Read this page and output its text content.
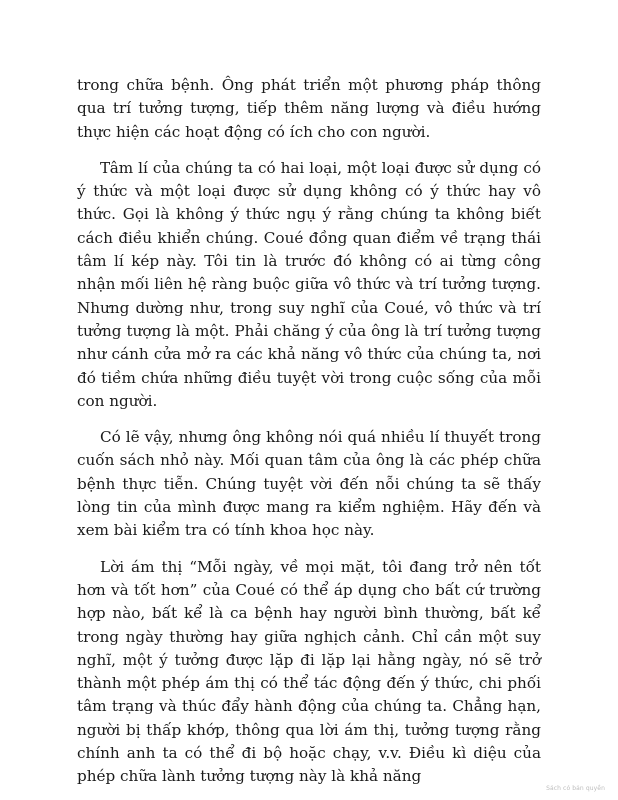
trong chữa bệnh. Ông phát triển một phương pháp thông qua trí tưởng tượng, tiếp thêm năng lượng và điều hướng thực hiện các hoạt động có ích cho con người.

Tâm lí của chúng ta có hai loại, một loại được sử dụng có ý thức và một loại được sử dụng không có ý thức hay vô thức. Gọi là không ý thức ngụ ý rằng chúng ta không biết cách điều khiển chúng. Coué đồng quan điểm về trạng thái tâm lí kép này. Tôi tin là trước đó không có ai từng công nhận mối liên hệ ràng buộc giữa vô thức và trí tưởng tượng. Nhưng dường như, trong suy nghĩ của Coué, vô thức và trí tưởng tượng là một. Phải chăng ý của ông là trí tưởng tượng như cánh cửa mở ra các khả năng vô thức của chúng ta, nơi đó tiềm chứa những điều tuyệt vời trong cuộc sống của mỗi con người.

Có lẽ vậy, nhưng ông không nói quá nhiều lí thuyết trong cuốn sách nhỏ này. Mối quan tâm của ông là các phép chữa bệnh thực tiễn. Chúng tuyệt vời đến nỗi chúng ta sẽ thấy lòng tin của mình được mang ra kiểm nghiệm. Hãy đến và xem bài kiểm tra có tính khoa học này.

Lời ám thị “Mỗi ngày, về mọi mặt, tôi đang trở nên tốt hơn và tốt hơn” của Coué có thể áp dụng cho bất cứ trường hợp nào, bất kể là ca bệnh hay người bình thường, bất kể trong ngày thường hay giữa nghịch cảnh. Chỉ cần một suy nghĩ, một ý tưởng được lặp đi lặp lại hằng ngày, nó sẽ trở thành một phép ám thị có thể tác động đến ý thức, chi phối tâm trạng và thúc đẩy hành động của chúng ta. Chẳng hạn, người bị thấp khớp, thông qua lời ám thị, tưởng tượng rằng chính anh ta có thể đi bộ hoặc chạy, v.v. Điều kì diệu của phép chữa lành tưởng tượng này là khả năng

Sách có bản quyền
